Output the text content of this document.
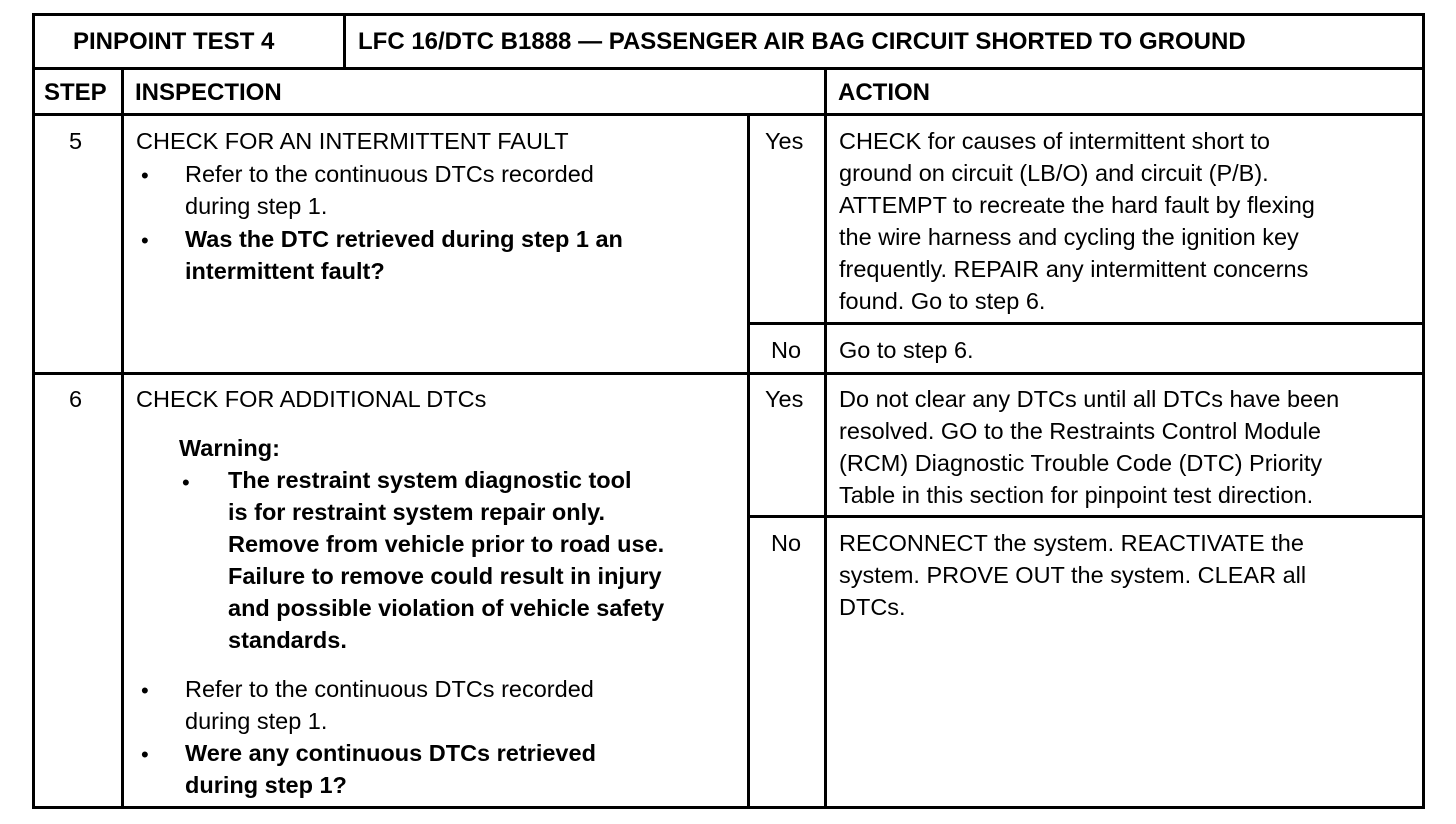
PINPOINT TEST 4	LFC 16/DTC B1888 — PASSENGER AIR BAG CIRCUIT SHORTED TO GROUND
STEP INSPECTION	ACTION
5 CHECK FOR AN INTERMITTENT FAULT
• Refer to the continuous DTCs recorded
during step 1.
• Was the DTC retrieved during step 1 an
intermittent fault?
Yes CHECK for causes of intermittent short to
ground on circuit (LB/O) and circuit (P/B).
ATTEMPT to recreate the hard fault by flexing
the wire harness and cycling the ignition key
frequently. REPAIR any intermittent concerns
found. Go to step 6.
No Go to step 6.
6 CHECK FOR ADDITIONAL DTCs
Warning:
• The restraint system diagnostic tool
is for restraint system repair only.
Remove from vehicle prior to road use.
Failure to remove could result in injury
and possible violation of vehicle safety
standards.
• Refer to the continuous DTCs recorded
during step 1.
• Were any continuous DTCs retrieved
during step 1?
Yes Do not clear any DTCs until all DTCs have been
resolved. GO to the Restraints Control Module
(RCM) Diagnostic Trouble Code (DTC) Priority
Table in this section for pinpoint test direction.
No RECONNECT the system. REACTIVATE the
system. PROVE OUT the system. CLEAR all
DTCs.
